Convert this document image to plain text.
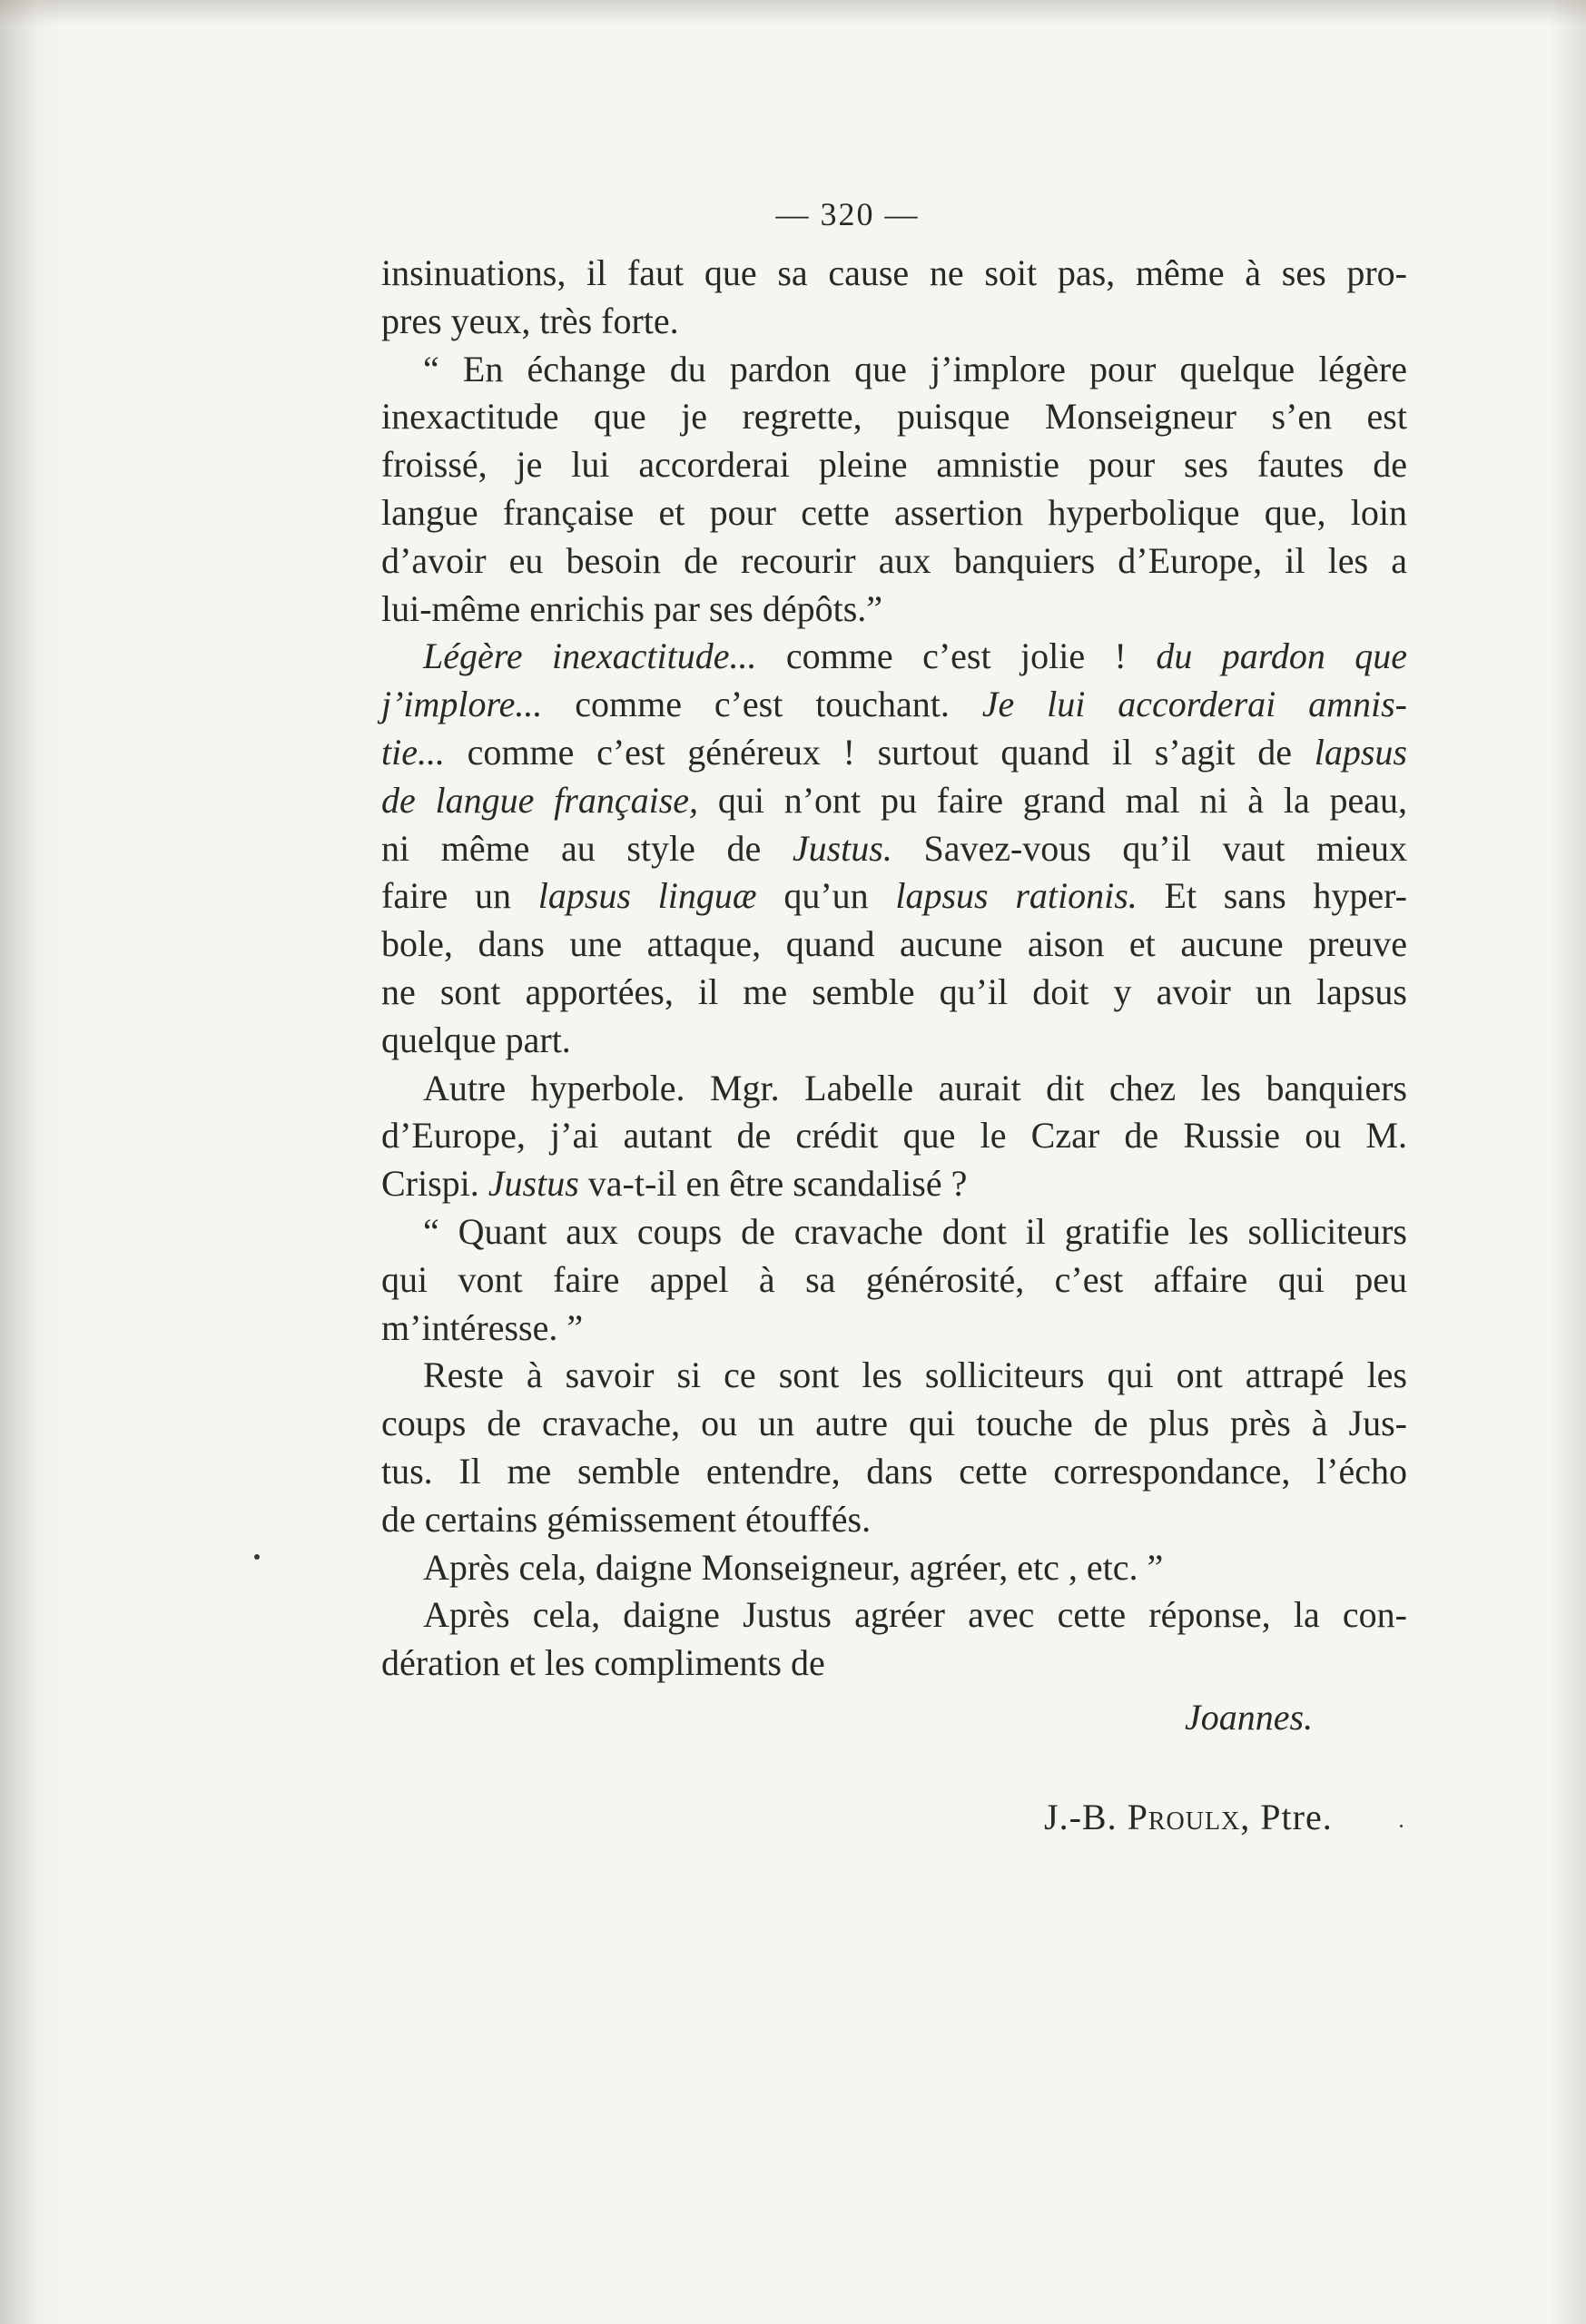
— 320 —
insinuations, il faut que sa cause ne soit pas, même à ses pro-
pres yeux, très forte.
“ En échange du pardon que j’implore pour quelque légère
inexactitude que je regrette, puisque Monseigneur s’en est
froissé, je lui accorderai pleine amnistie pour ses fautes de
langue française et pour cette assertion hyperbolique que, loin
d’avoir eu besoin de recourir aux banquiers d’Europe, il les a
lui-même enrichis par ses dépôts.”
Légère inexactitude... comme c’est jolie ! du pardon que
j’implore... comme c’est touchant. Je lui accorderai amnis-
tie... comme c’est généreux ! surtout quand il s’agit de lapsus
de langue française, qui n’ont pu faire grand mal ni à la peau,
ni même au style de Justus. Savez-vous qu’il vaut mieux
faire un lapsus linguæ qu’un lapsus rationis. Et sans hyper-
bole, dans une attaque, quand aucune aison et aucune preuve
ne sont apportées, il me semble qu’il doit y avoir un lapsus
quelque part.
Autre hyperbole. Mgr. Labelle aurait dit chez les banquiers
d’Europe, j’ai autant de crédit que le Czar de Russie ou M.
Crispi. Justus va-t-il en être scandalisé ?
“ Quant aux coups de cravache dont il gratifie les solliciteurs
qui vont faire appel à sa générosité, c’est affaire qui peu
m’intéresse. ”
Reste à savoir si ce sont les solliciteurs qui ont attrapé les
coups de cravache, ou un autre qui touche de plus près à Jus-
tus. Il me semble entendre, dans cette correspondance, l’écho
de certains gémissement étouffés.
Après cela, daigne Monseigneur, agréer, etc , etc. ”
Après cela, daigne Justus agréer avec cette réponse, la con-
dération et les compliments de
Joannes.
J.-B. Proulx, Ptre.
